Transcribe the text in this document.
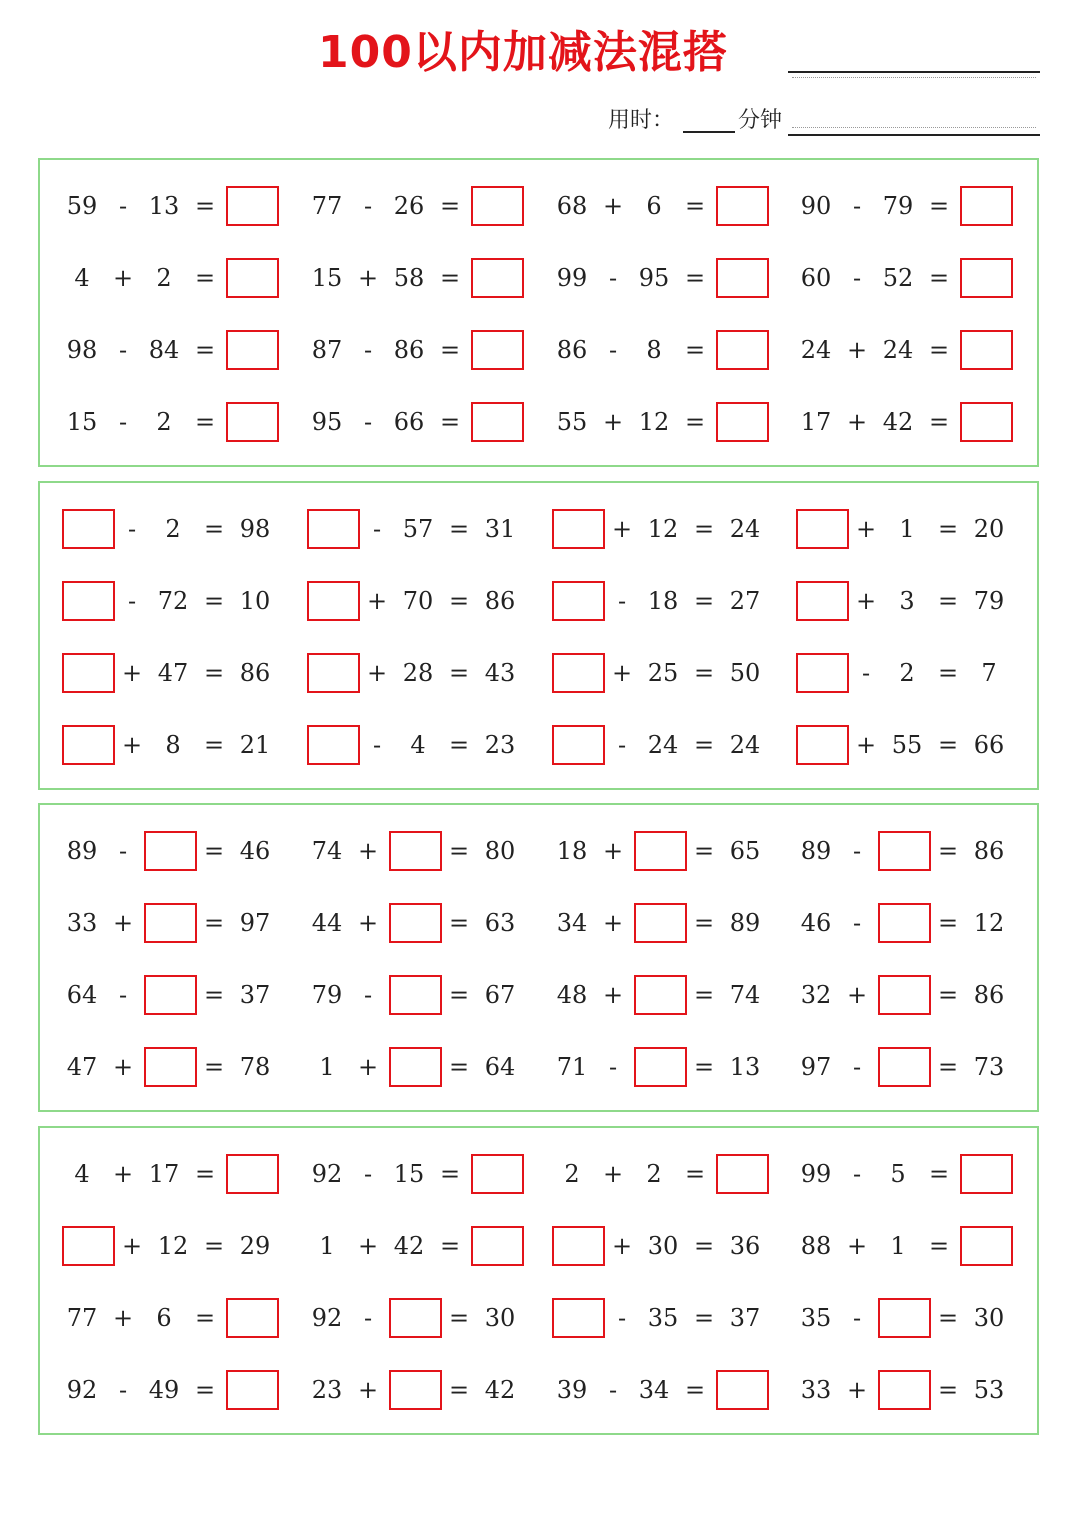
100以内加减法混搭
用时：	分钟
59 - 13 =	77 - 26 =	68 + 6 =	90 - 79 =
4 + 2 =	15 + 58 =	99 - 95 =	60 - 52 =
98 - 84 =	87 - 86 =	86 -	8 =	24 + 24 =
15 -	2 =	95 - 66 =	55 + 12 =	17 + 42 =
-	2 = 98	- 57 = 31	+ 12 = 24	+ 1 = 20
- 72 = 10	+ 70 = 86	- 18 = 27	+ 3 = 79
+ 47 = 86	+ 28 = 43	+ 25 = 50	-	2 = 7
+ 8 = 21	-	4 = 23	- 24 = 24	+ 55 = 66
89 -	= 46 74 +	= 80 18 +	= 65 89 -	= 86
33 +	= 97 44 +	= 63 34 +	= 89 46 -	= 12
64 -	= 37 79 -	= 67 48 +	= 74 32 +	= 86
47 +	= 78	1 +	= 64 71 -	= 13 97 -	= 73
4 + 17 =	92 - 15 =	2 + 2 =	99 -	5 =
+ 12 = 29	1 + 42 =	+ 30 = 36 88 + 1 =
77 + 6 =	92 -	= 30	- 35 = 37 35 -	= 30
92 - 49 =	23 +	= 42 39 - 34 =	33 +	= 53
